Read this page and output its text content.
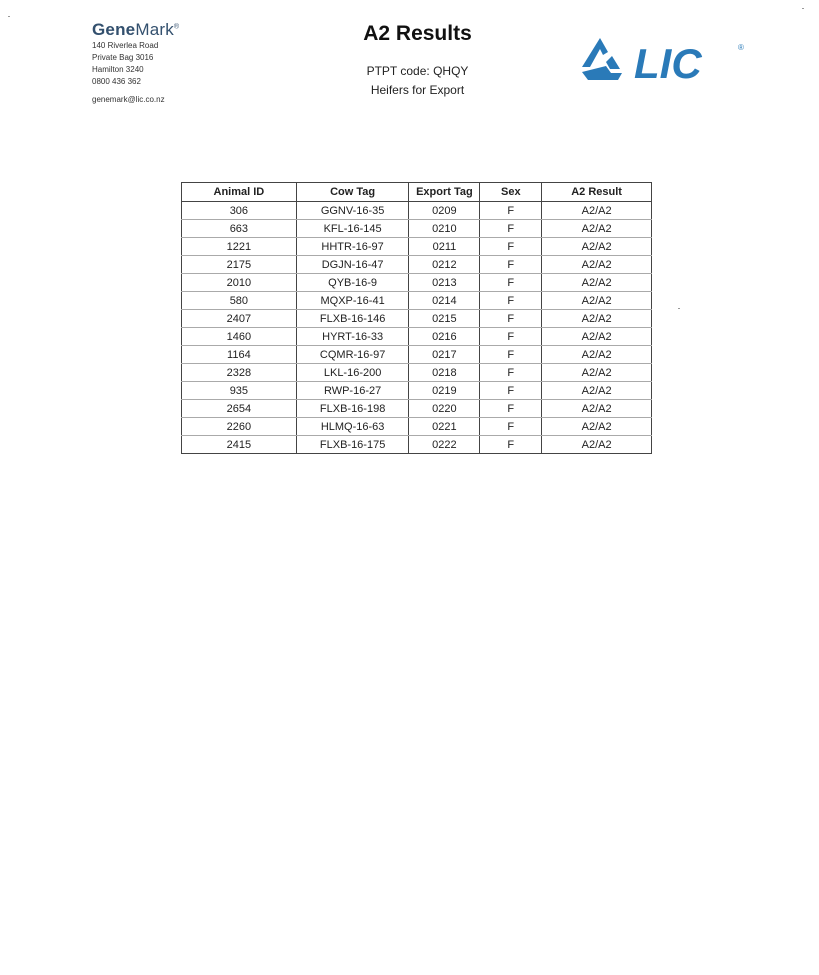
GeneMark®
140 Riverlea Road
Private Bag 3016
Hamilton 3240
0800 436 362
genemark@lic.co.nz
A2 Results
PTPT code: QHQY
Heifers for Export
LIC	®
Animal ID	Cow Tag	Export Tag	Sex	A2 Result
306	GGNV-16-35	0209	F	A2/A2
663	KFL-16-145	0210	F	A2/A2
1221	HHTR-16-97	0211	F	A2/A2
2175	DGJN-16-47	0212	F	A2/A2
2010	QYB-16-9	0213	F	A2/A2
580	MQXP-16-41	0214	F	A2/A2
2407	FLXB-16-146	0215	F	A2/A2
1460	HYRT-16-33	0216	F	A2/A2
1164	CQMR-16-97	0217	F	A2/A2
2328	LKL-16-200	0218	F	A2/A2
935	RWP-16-27	0219	F	A2/A2
2654	FLXB-16-198	0220	F	A2/A2
2260	HLMQ-16-63	0221	F	A2/A2
2415	FLXB-16-175	0222	F	A2/A2
